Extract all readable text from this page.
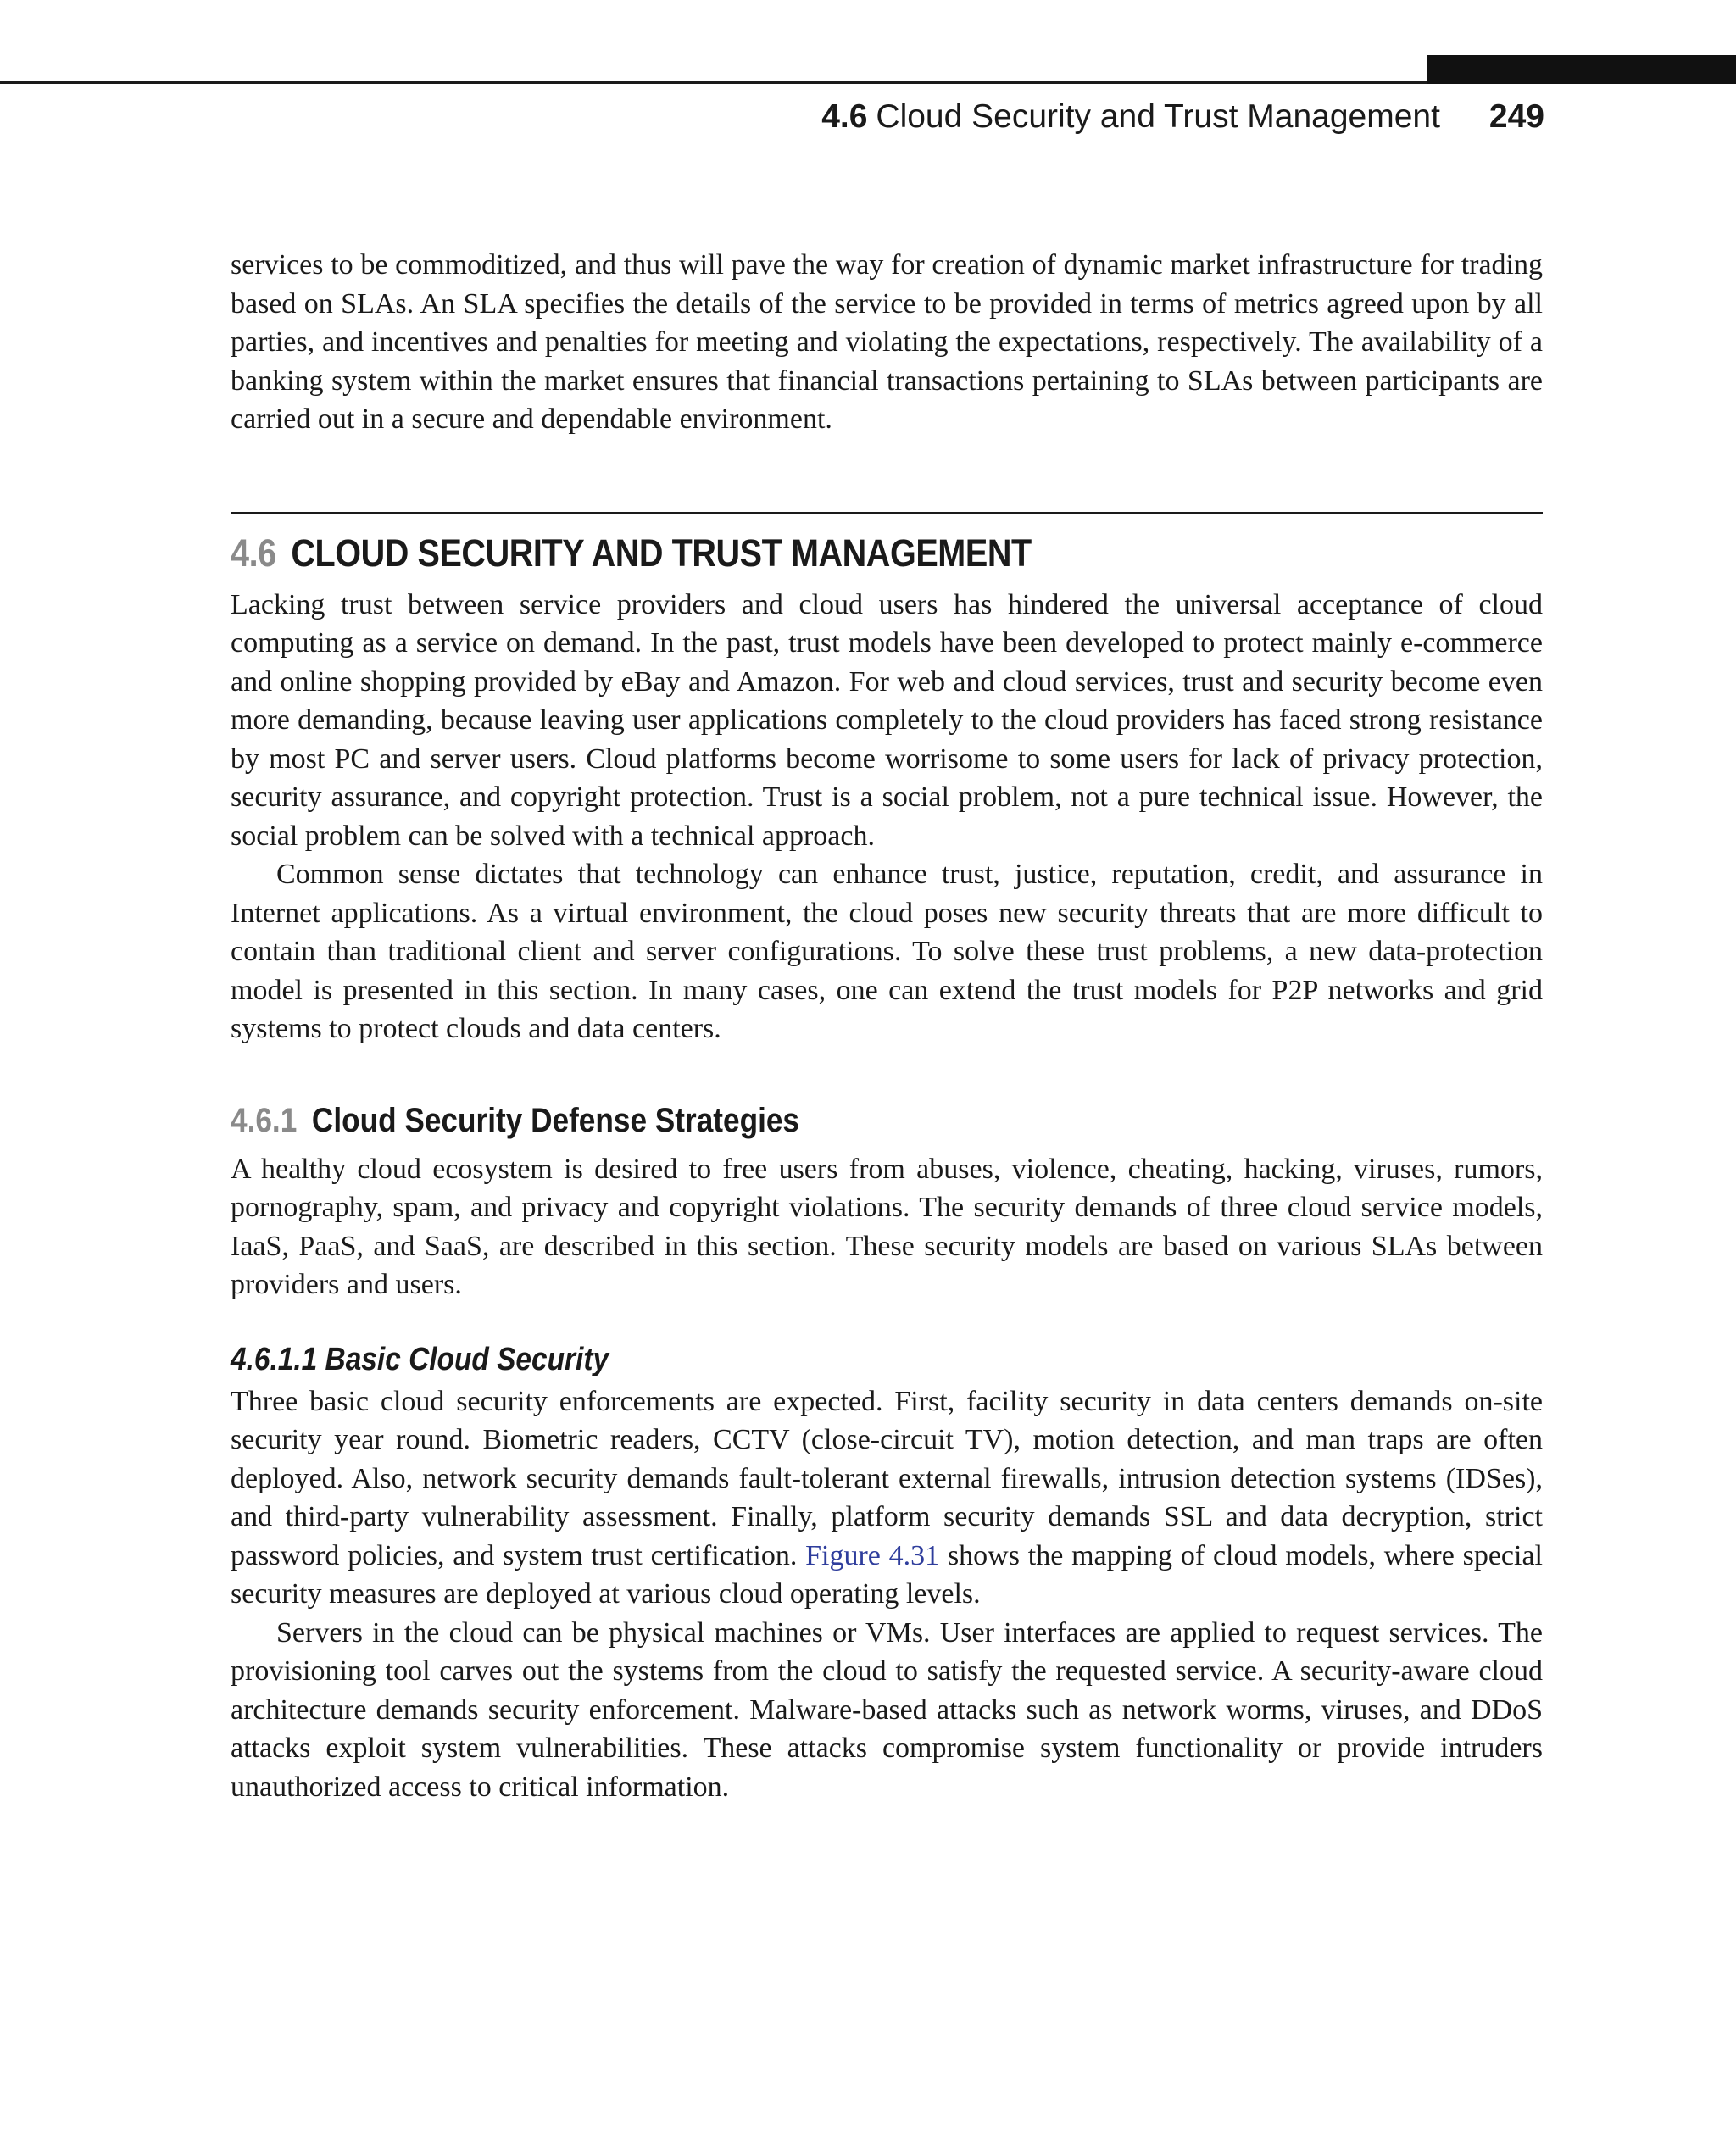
4.6 Cloud Security and Trust Management 249

services to be commoditized, and thus will pave the way for creation of dynamic market infrastructure for trading based on SLAs. An SLA specifies the details of the service to be provided in terms of metrics agreed upon by all parties, and incentives and penalties for meeting and violating the expectations, respectively. The availability of a banking system within the market ensures that financial transactions pertaining to SLAs between participants are carried out in a secure and dependable environment.

4.6 CLOUD SECURITY AND TRUST MANAGEMENT

Lacking trust between service providers and cloud users has hindered the universal acceptance of cloud computing as a service on demand. In the past, trust models have been developed to protect mainly e-commerce and online shopping provided by eBay and Amazon. For web and cloud services, trust and security become even more demanding, because leaving user applications completely to the cloud providers has faced strong resistance by most PC and server users. Cloud platforms become worrisome to some users for lack of privacy protection, security assurance, and copyright protection. Trust is a social problem, not a pure technical issue. However, the social problem can be solved with a technical approach.

Common sense dictates that technology can enhance trust, justice, reputation, credit, and assurance in Internet applications. As a virtual environment, the cloud poses new security threats that are more difficult to contain than traditional client and server configurations. To solve these trust problems, a new data-protection model is presented in this section. In many cases, one can extend the trust models for P2P networks and grid systems to protect clouds and data centers.

4.6.1 Cloud Security Defense Strategies

A healthy cloud ecosystem is desired to free users from abuses, violence, cheating, hacking, viruses, rumors, pornography, spam, and privacy and copyright violations. The security demands of three cloud service models, IaaS, PaaS, and SaaS, are described in this section. These security models are based on various SLAs between providers and users.

4.6.1.1 Basic Cloud Security

Three basic cloud security enforcements are expected. First, facility security in data centers demands on-site security year round. Biometric readers, CCTV (close-circuit TV), motion detection, and man traps are often deployed. Also, network security demands fault-tolerant external firewalls, intrusion detection systems (IDSes), and third-party vulnerability assessment. Finally, platform security demands SSL and data decryption, strict password policies, and system trust certification. Figure 4.31 shows the mapping of cloud models, where special security measures are deployed at various cloud operating levels.

Servers in the cloud can be physical machines or VMs. User interfaces are applied to request services. The provisioning tool carves out the systems from the cloud to satisfy the requested service. A security-aware cloud architecture demands security enforcement. Malware-based attacks such as network worms, viruses, and DDoS attacks exploit system vulnerabilities. These attacks compromise system functionality or provide intruders unauthorized access to critical information.
